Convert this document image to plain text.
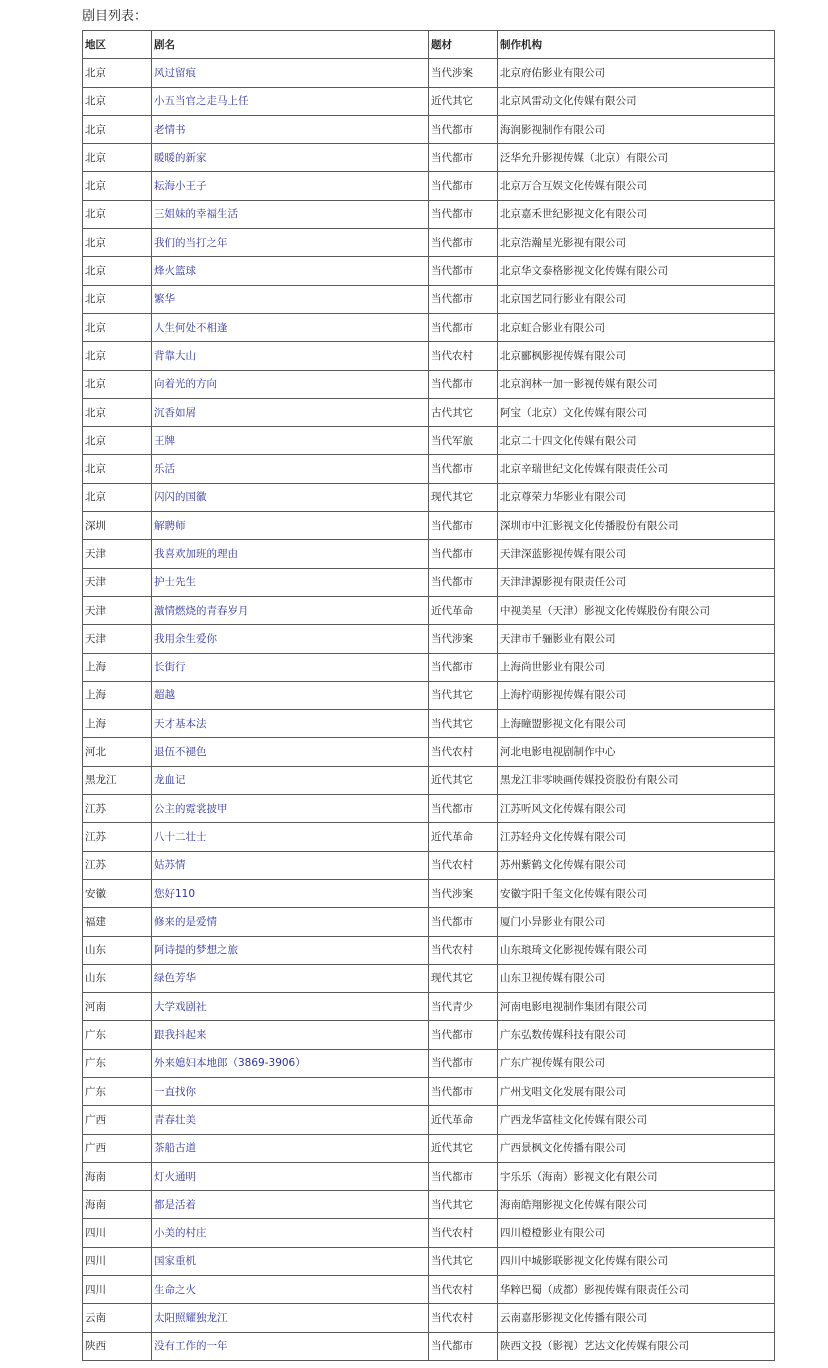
剧目列表：
地区	剧名	题材	制作机构
北京	风过留痕	当代涉案	北京府佑影业有限公司
北京	小五当官之走马上任	近代其它	北京风雷动文化传媒有限公司
北京	老情书	当代都市	海润影视制作有限公司
北京	暖暖的新家	当代都市	泛华允升影视传媒（北京）有限公司
北京	耘海小王子	当代都市	北京万合互娱文化传媒有限公司
北京	三姐妹的幸福生活	当代都市	北京嘉禾世纪影视文化有限公司
北京	我们的当打之年	当代都市	北京浩瀚星光影视有限公司
北京	烽火篮球	当代都市	北京华文泰格影视文化传媒有限公司
北京	繁华	当代都市	北京国艺同行影业有限公司
北京	人生何处不相逢	当代都市	北京虹合影业有限公司
北京	背靠大山	当代农村	北京郦枫影视传媒有限公司
北京	向着光的方向	当代都市	北京润林一加一影视传媒有限公司
北京	沉香如屑	古代其它	阿宝（北京）文化传媒有限公司
北京	王牌	当代军旅	北京二十四文化传媒有限公司
北京	乐活	当代都市	北京辛瑞世纪文化传媒有限责任公司
北京	闪闪的国徽	现代其它	北京尊荣力华影业有限公司
深圳	解聘师	当代都市	深圳市中汇影视文化传播股份有限公司
天津	我喜欢加班的理由	当代都市	天津深蓝影视传媒有限公司
天津	护士先生	当代都市	天津津源影视有限责任公司
天津	激情燃烧的青春岁月	近代革命	中视美星（天津）影视文化传媒股份有限公司
天津	我用余生爱你	当代涉案	天津市千骊影业有限公司
上海	长街行	当代都市	上海尚世影业有限公司
上海	超越	当代其它	上海柠萌影视传媒有限公司
上海	天才基本法	当代其它	上海瞳盟影视文化有限公司
河北	退伍不褪色	当代农村	河北电影电视剧制作中心
黑龙江	龙血记	近代其它	黑龙江非零映画传媒投资股份有限公司
江苏	公主的霓裳披甲	当代都市	江苏听风文化传媒有限公司
江苏	八十二壮士	近代革命	江苏轻舟文化传媒有限公司
江苏	姑苏情	当代农村	苏州紫鹤文化传媒有限公司
安徽	您好110	当代涉案	安徽宇阳千玺文化传媒有限公司
福建	修来的是爱情	当代都市	厦门小异影业有限公司
山东	阿诗提的梦想之旅	当代农村	山东琅琦文化影视传媒有限公司
山东	绿色芳华	现代其它	山东卫视传媒有限公司
河南	大学戏剧社	当代青少	河南电影电视制作集团有限公司
广东	跟我抖起来	当代都市	广东弘数传媒科技有限公司
广东	外来媳妇本地郎（3869-3906）	当代都市	广东广视传媒有限公司
广东	一直找你	当代都市	广州戈唱文化发展有限公司
广西	青春壮美	近代革命	广西龙华富桂文化传媒有限公司
广西	茶船古道	近代其它	广西景枫文化传播有限公司
海南	灯火通明	当代都市	宇乐乐（海南）影视文化有限公司
海南	都是活着	当代其它	海南皓翔影视文化传媒有限公司
四川	小美的村庄	当代农村	四川橙橙影业有限公司
四川	国家重机	当代其它	四川中城影联影视文化传媒有限公司
四川	生命之火	当代农村	华粹巴蜀（成都）影视传媒有限责任公司
云南	太阳照耀独龙江	当代农村	云南嘉彤影视文化传播有限公司
陕西	没有工作的一年	当代都市	陕西文投（影视）艺达文化传媒有限公司
